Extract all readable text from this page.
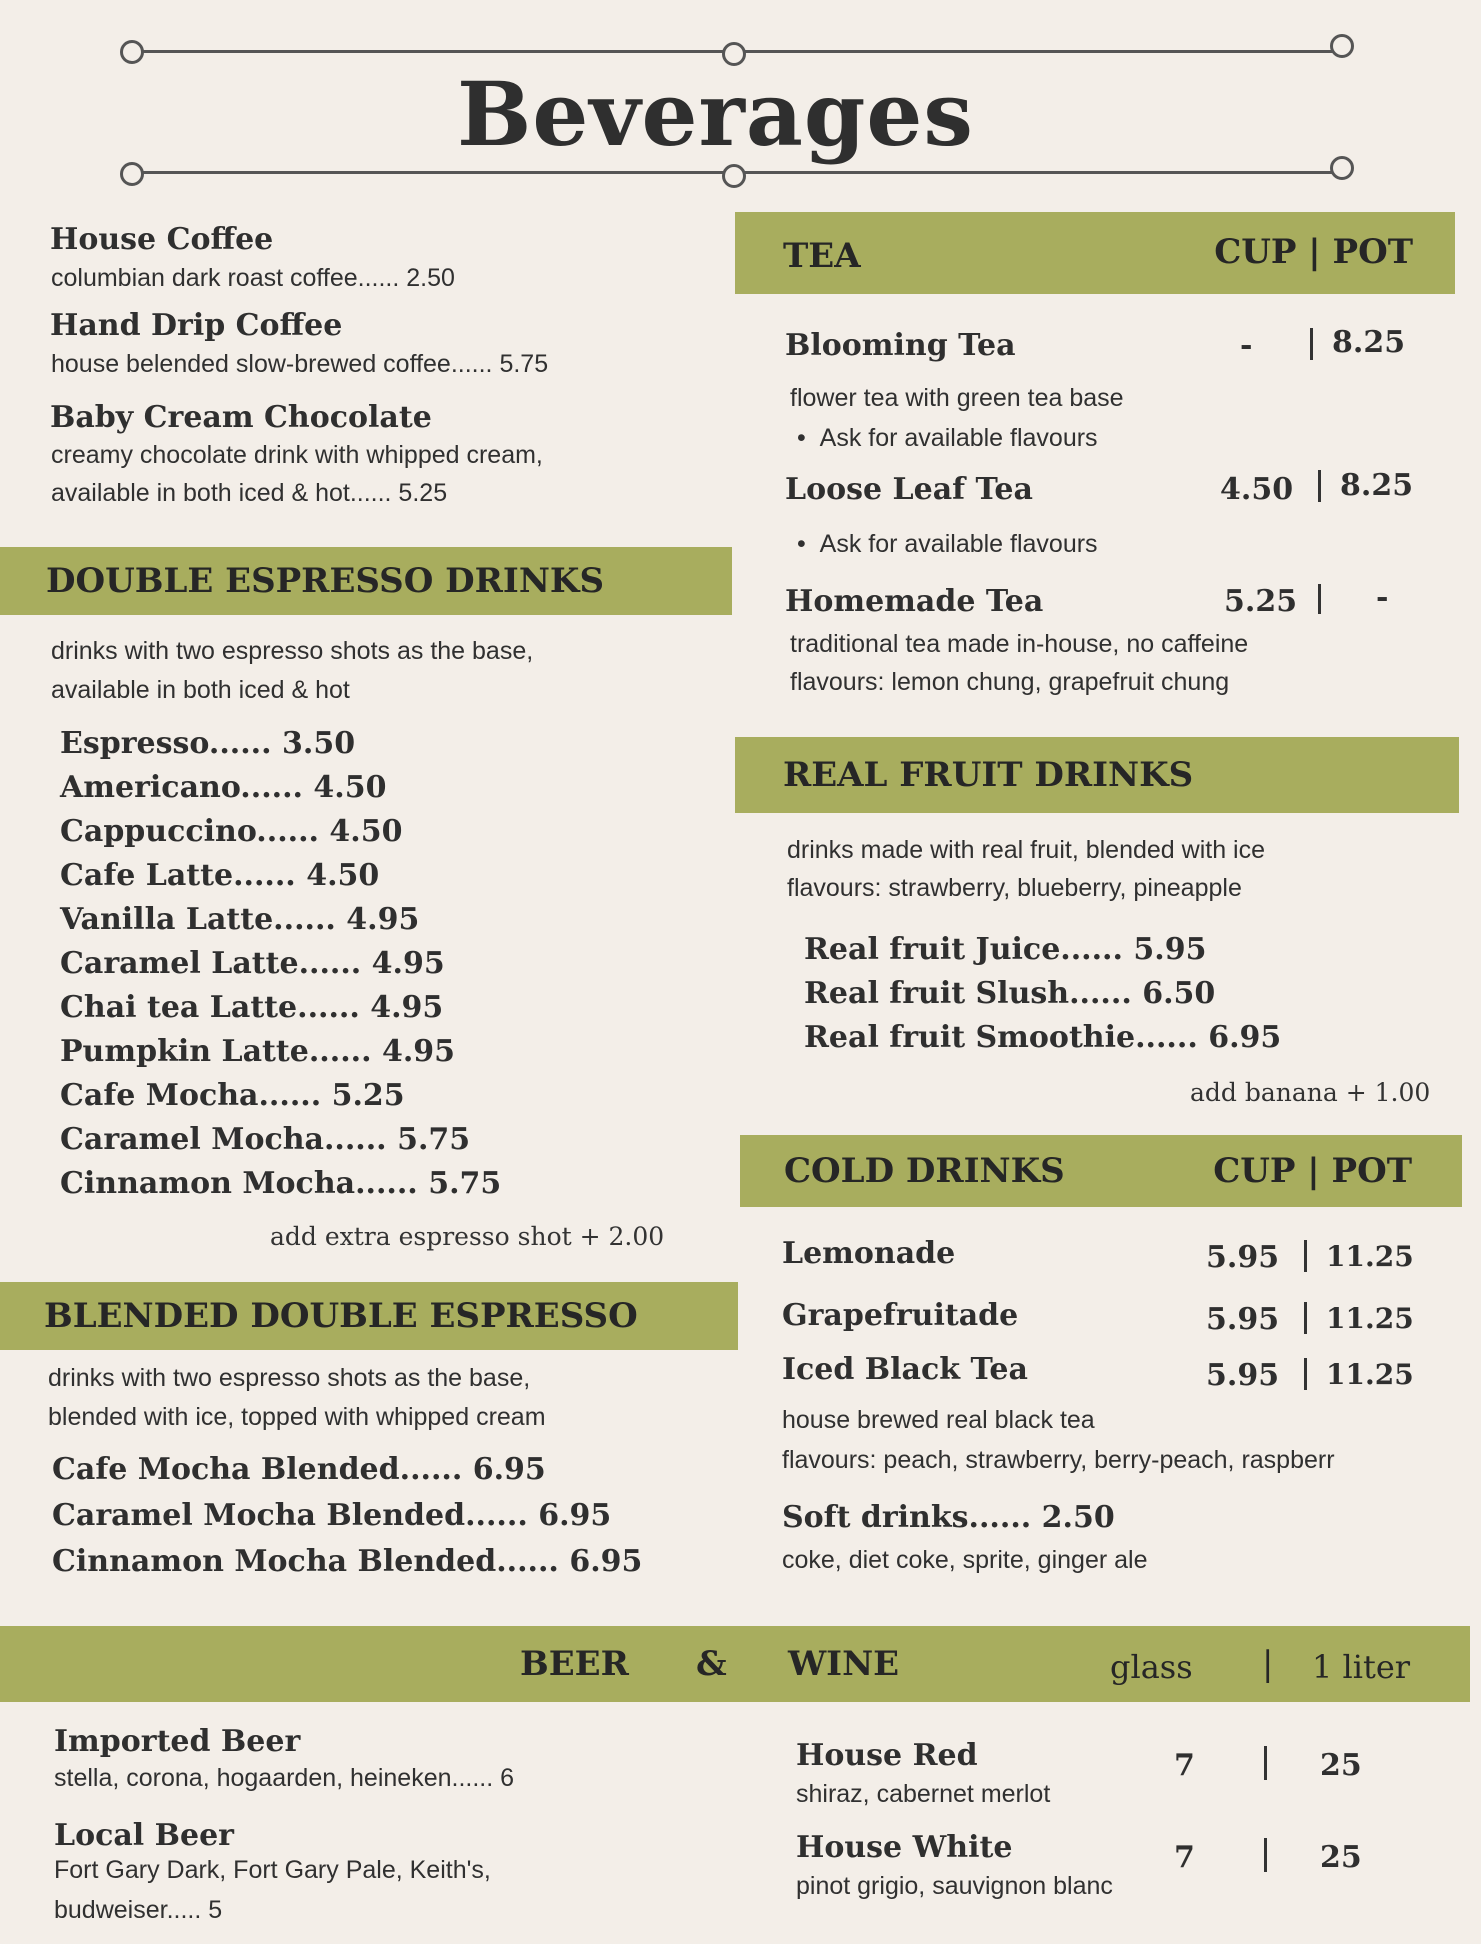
Beverages
House Coffee
columbian dark roast coffee...... 2.50
Hand Drip Coffee
house belended slow-brewed coffee...... 5.75
Baby Cream Chocolate
creamy chocolate drink with whipped cream,
available in both iced & hot...... 5.25
DOUBLE ESPRESSO DRINKS
drinks with two espresso shots as the base,
available in both iced & hot
Espresso...... 3.50
Americano...... 4.50
Cappuccino...... 4.50
Cafe Latte...... 4.50
Vanilla Latte...... 4.95
Caramel Latte...... 4.95
Chai tea Latte...... 4.95
Pumpkin Latte...... 4.95
Cafe Mocha...... 5.25
Caramel Mocha...... 5.75
Cinnamon Mocha...... 5.75
add extra espresso shot + 2.00
BLENDED DOUBLE ESPRESSO
drinks with two espresso shots as the base,
blended with ice, topped with whipped cream
Cafe Mocha Blended...... 6.95
Caramel Mocha Blended...... 6.95
Cinnamon Mocha Blended...... 6.95
TEA	CUP | POT
Blooming Tea	-	8.25
flower tea with green tea base
•  Ask for available flavours
Loose Leaf Tea	4.50 8.25
•  Ask for available flavours
Homemade Tea	5.25	-
traditional tea made in-house, no caffeine
flavours: lemon chung, grapefruit chung
REAL FRUIT DRINKS
drinks made with real fruit, blended with ice
flavours: strawberry, blueberry, pineapple
Real fruit Juice...... 5.95
Real fruit Slush...... 6.50
Real fruit Smoothie...... 6.95
add banana + 1.00
COLD DRINKS	CUP | POT
Lemonade	5.95 11.25
Grapefruitade	5.95 11.25
Iced Black Tea	5.95 11.25
house brewed real black tea
flavours: peach, strawberry, berry-peach, raspberr
Soft drinks...... 2.50
coke, diet coke, sprite, ginger ale
BEER & WINE	glass | 1 liter
Imported Beer
stella, corona, hogaarden, heineken...... 6
Local Beer
Fort Gary Dark, Fort Gary Pale, Keith's,
budweiser..... 5
House Red
shiraz, cabernet merlot
7	25
House White
pinot grigio, sauvignon blanc
7	25
